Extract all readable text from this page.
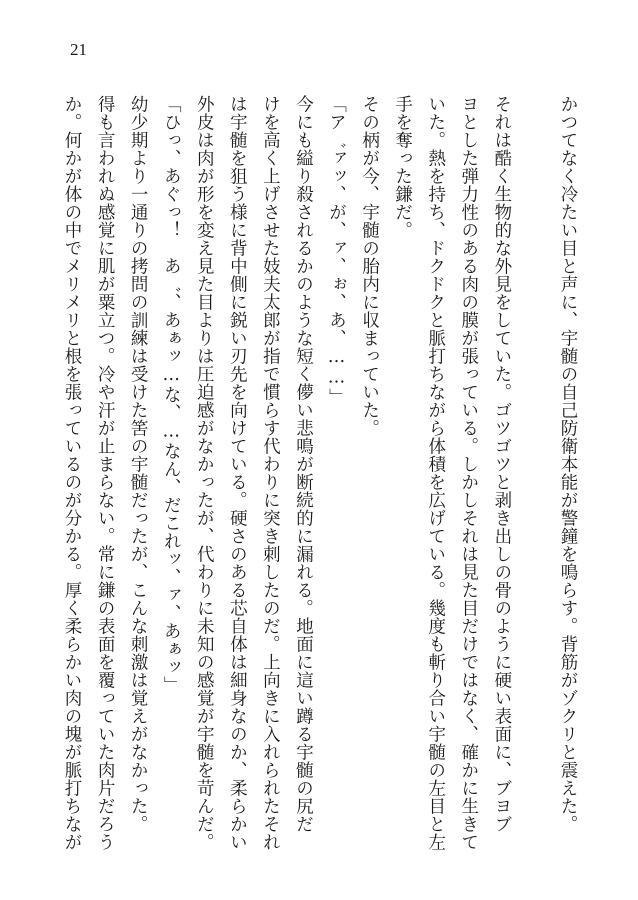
21
かつてなく冷たい目と声に、宇髄の自己防衛本能が警鐘を鳴らす。背筋がゾクリと震えた。
それは酷く生物的な外見をしていた。ゴツゴツと剥き出しの骨のように硬い表面に、ブヨブ
ヨとした弾力性のある肉の膜が張っている。しかしそれは見た目だけではなく、確かに生きて
いた。熱を持ち、ドクドクと脈打ちながら体積を広げている。幾度も斬り合い宇髄の左目と左
手を奪った鎌だ。
その柄が今、宇髄の胎内に収まっていた。
「ア゛ァッ、が、ァ、ぉ、あ、……」
今にも縊り殺されるかのような短く儚い悲鳴が断続的に漏れる。地面に這い蹲る宇髄の尻だ
けを高く上げさせた妓夫太郎が指で慣らす代わりに突き刺したのだ。上向きに入れられたそれ
は宇髄を狙う様に背中側に鋭い刃先を向けている。硬さのある芯自体は細身なのか、柔らかい
外皮は肉が形を変え見た目よりは圧迫感がなかったが、代わりに未知の感覚が宇髄を苛んだ。
「ひっ、あぐっ！　あ゛、あぁッ…な、…なん、だこれッ、ァ、あぁッ」
幼少期より一通りの拷問の訓練は受けた筈の宇髄だったが、こんな刺激は覚えがなかった。
得も言われぬ感覚に肌が粟立つ。冷や汗が止まらない。常に鎌の表面を覆っていた肉片だろう
か。何かが体の中でメリメリと根を張っているのが分かる。厚く柔らかい肉の塊が脈打ちなが
